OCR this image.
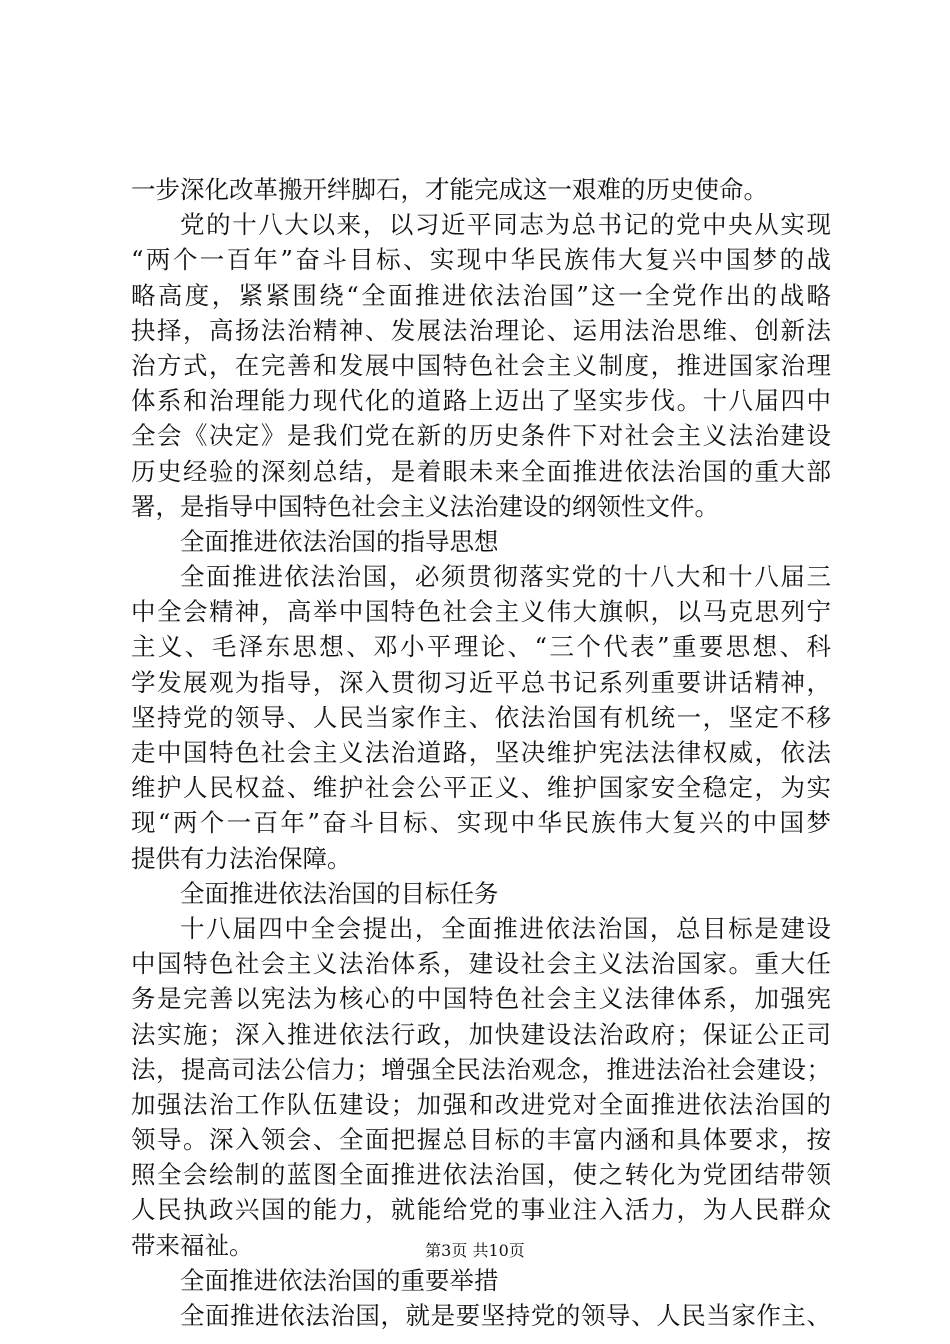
一步深化改革搬开绊脚石，才能完成这一艰难的历史使命。
党的十八大以来，以习近平同志为总书记的党中央从实现
“两个一百年”奋斗目标、实现中华民族伟大复兴中国梦的战
略高度，紧紧围绕“全面推进依法治国”这一全党作出的战略
抉择，高扬法治精神、发展法治理论、运用法治思维、创新法
治方式，在完善和发展中国特色社会主义制度，推进国家治理
体系和治理能力现代化的道路上迈出了坚实步伐。十八届四中
全会《决定》是我们党在新的历史条件下对社会主义法治建设
历史经验的深刻总结，是着眼未来全面推进依法治国的重大部
署，是指导中国特色社会主义法治建设的纲领性文件。
全面推进依法治国的指导思想
全面推进依法治国，必须贯彻落实党的十八大和十八届三
中全会精神，高举中国特色社会主义伟大旗帜，以马克思列宁
主义、毛泽东思想、邓小平理论、“三个代表”重要思想、科
学发展观为指导，深入贯彻习近平总书记系列重要讲话精神，
坚持党的领导、人民当家作主、依法治国有机统一，坚定不移
走中国特色社会主义法治道路，坚决维护宪法法律权威，依法
维护人民权益、维护社会公平正义、维护国家安全稳定，为实
现“两个一百年”奋斗目标、实现中华民族伟大复兴的中国梦
提供有力法治保障。
全面推进依法治国的目标任务
十八届四中全会提出，全面推进依法治国，总目标是建设
中国特色社会主义法治体系，建设社会主义法治国家。重大任
务是完善以宪法为核心的中国特色社会主义法律体系，加强宪
法实施；深入推进依法行政，加快建设法治政府；保证公正司
法，提高司法公信力；增强全民法治观念，推进法治社会建设；
加强法治工作队伍建设；加强和改进党对全面推进依法治国的
领导。深入领会、全面把握总目标的丰富内涵和具体要求，按
照全会绘制的蓝图全面推进依法治国，使之转化为党团结带领
人民执政兴国的能力，就能给党的事业注入活力，为人民群众
带来福祉。
全面推进依法治国的重要举措
全面推进依法治国，就是要坚持党的领导、人民当家作主、
第3页 共10页
